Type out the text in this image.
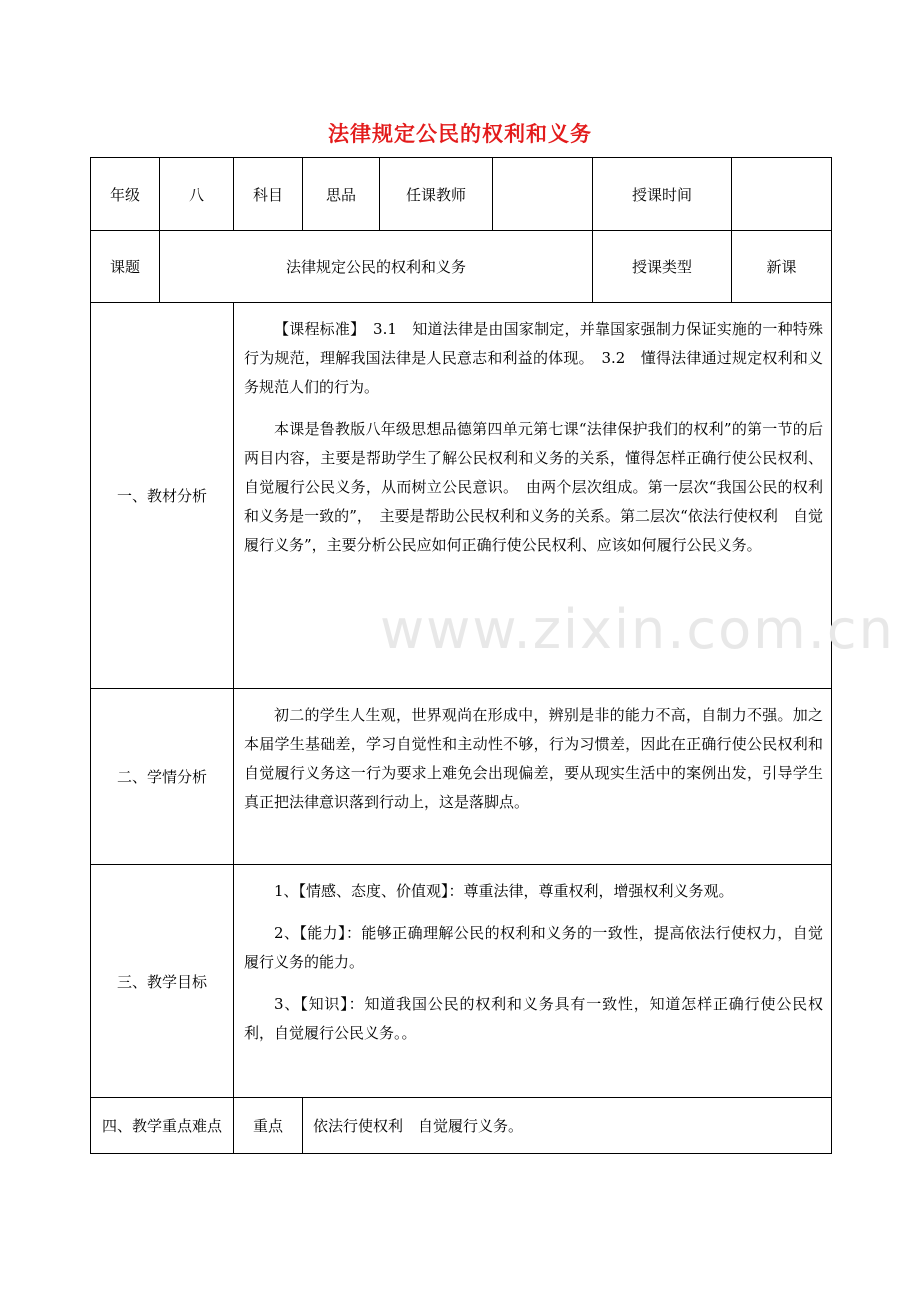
法律规定公民的权利和义务
年级	八	科目	思品	任课教师		授课时间	
课题	法律规定公民的权利和义务					授课类型	新课
一、教材分析		【课程标准】　3.1　知道法律是由国家制定，并靠国家强制力保证实施的一种特殊行为规范，理解我国法律是人民意志和利益的体现。　3.2　懂得法律通过规定权利和义务规范人们的行为。

本课是鲁教版八年级思想品德第四单元第七课“法律保护我们的权利”的第一节的后两目内容，主要是帮助学生了解公民权利和义务的关系，懂得怎样正确行使公民权利、自觉履行公民义务，从而树立公民意识。　由两个层次组成。第一层次“我国公民的权利和义务是一致的”，　主要是帮助公民权利和义务的关系。第二层次“依法行使权利　自觉履行义务”，主要分析公民应如何正确行使公民权利、应该如何履行公民义务。					

二、学情分析		初二的学生人生观，世界观尚在形成中，辨别是非的能力不高，自制力不强。加之本届学生基础差，学习自觉性和主动性不够，行为习惯差，因此在正确行使公民权利和自觉履行义务这一行为要求上难免会出现偏差，要从现实生活中的案例出发，引导学生真正把法律意识落到行动上，这是落脚点。					

三、教学目标		1、【情感、态度、价值观】：尊重法律，尊重权利，增强权利义务观。

2、【能力】：能够正确理解公民的权利和义务的一致性，提高依法行使权力，自觉履行义务的能力。

3、【知识】：知道我国公民的权利和义务具有一致性，知道怎样正确行使公民权利，自觉履行公民义务。。					

四、教学重点难点		重点	依法行使权利　自觉履行义务。				
www.zixin.com.cn
